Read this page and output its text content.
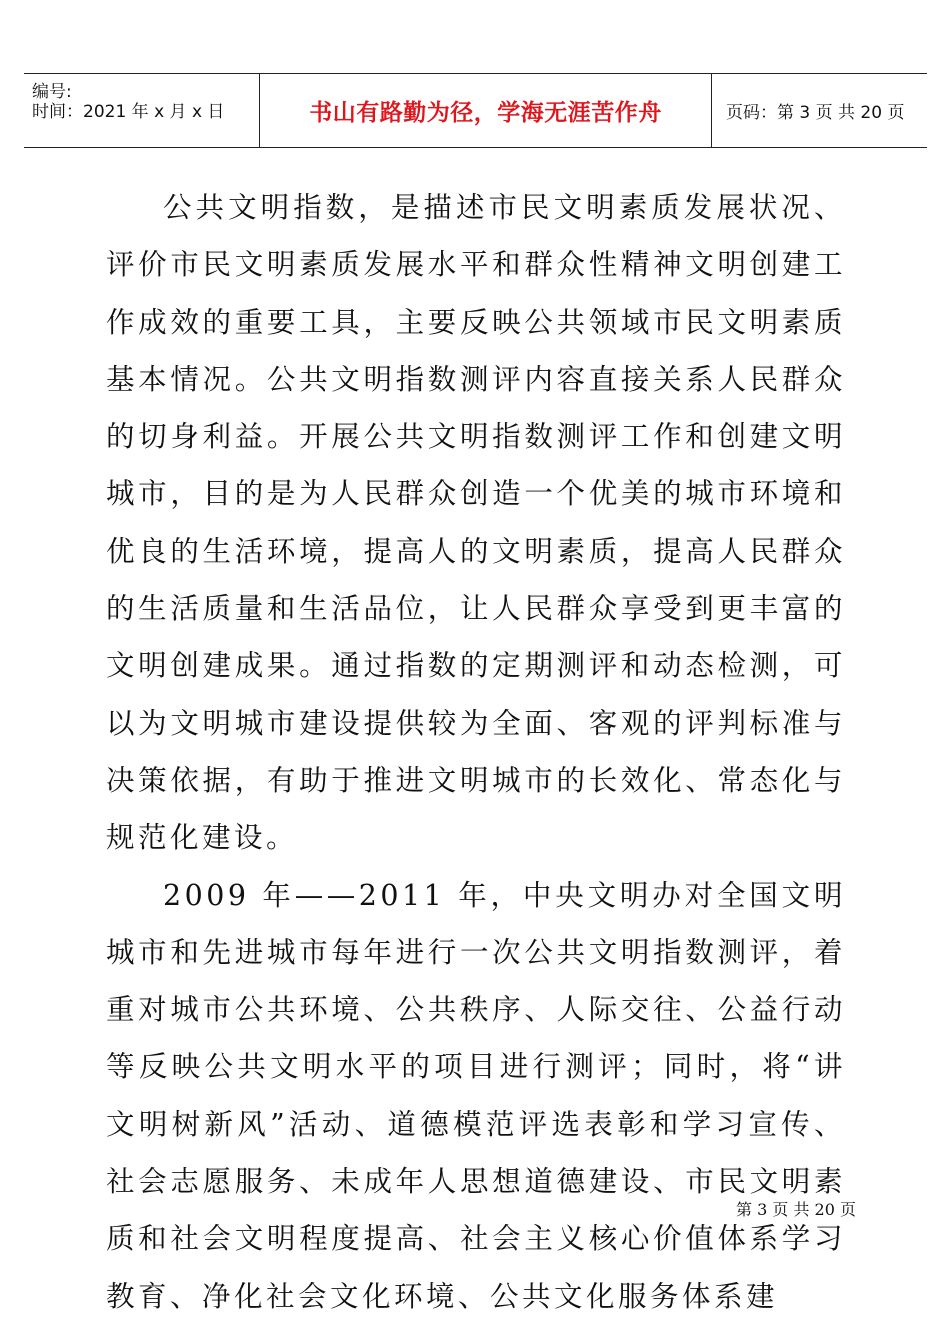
编号:
时间：2021 年 x 月 x 日	书山有路勤为径，学海无涯苦作舟	页码：第 3 页 共 20 页

公共文明指数，是描述市民文明素质发展状况、评价市民文明素质发展水平和群众性精神文明创建工作成效的重要工具，主要反映公共领域市民文明素质基本情况。公共文明指数测评内容直接关系人民群众的切身利益。开展公共文明指数测评工作和创建文明城市，目的是为人民群众创造一个优美的城市环境和优良的生活环境，提高人的文明素质，提高人民群众的生活质量和生活品位，让人民群众享受到更丰富的文明创建成果。通过指数的定期测评和动态检测，可以为文明城市建设提供较为全面、客观的评判标准与决策依据，有助于推进文明城市的长效化、常态化与规范化建设。

2009 年——2011 年，中央文明办对全国文明城市和先进城市每年进行一次公共文明指数测评，着重对城市公共环境、公共秩序、人际交往、公益行动等反映公共文明水平的项目进行测评；同时，将“讲文明树新风”活动、道德模范评选表彰和学习宣传、社会志愿服务、未成年人思想道德建设、市民文明素质和社会文明程度提高、社会主义核心价值体系学习教育、净化社会文化环境、公共文化服务体系建

第 3 页 共 20 页
